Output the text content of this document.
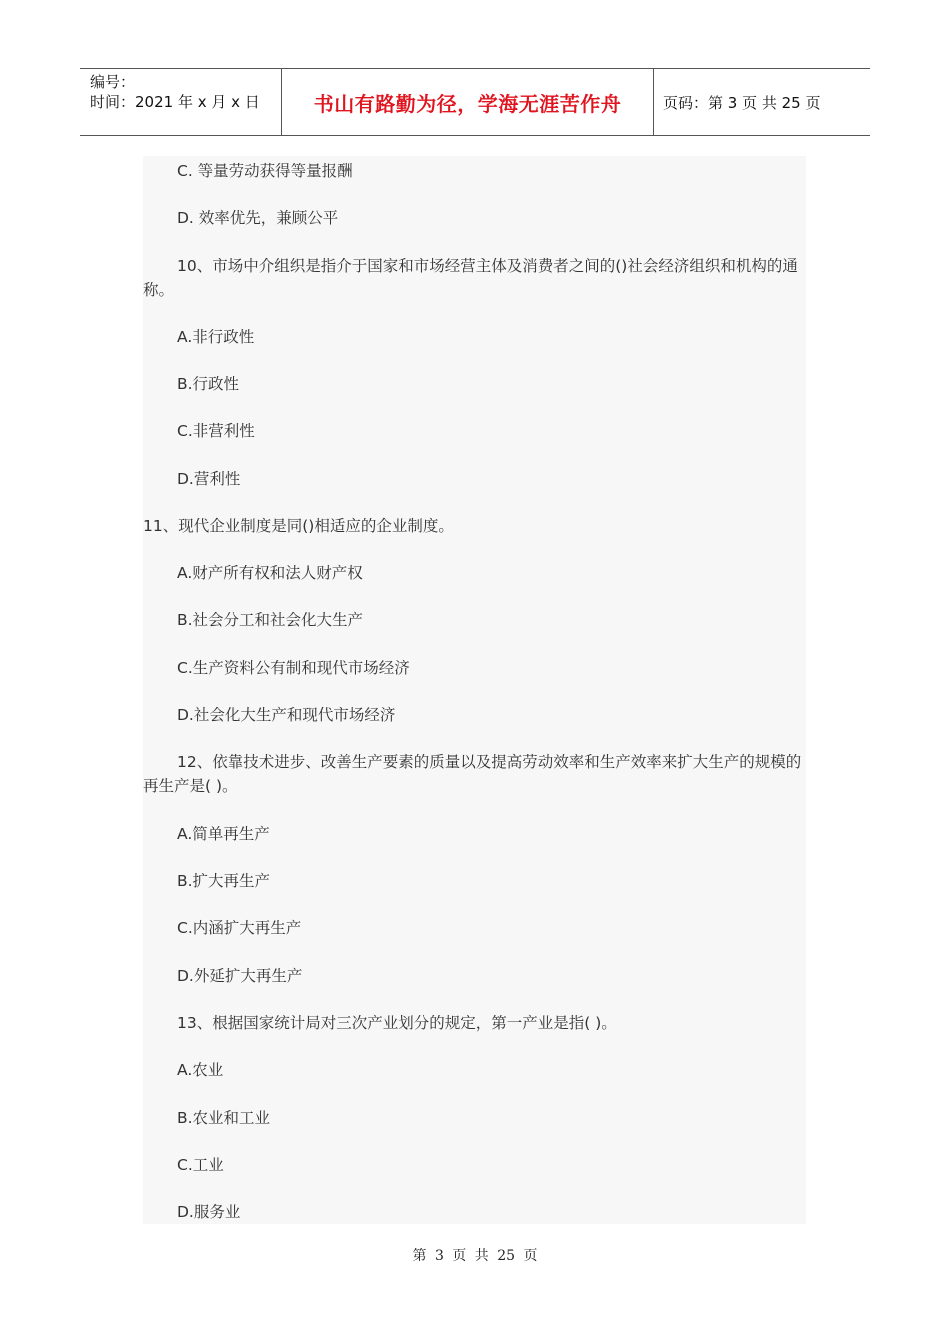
编号：
时间：2021 年 x 月 x 日	书山有路勤为径，学海无涯苦作舟	页码：第 3 页 共 25 页
C. 等量劳动获得等量报酬
D. 效率优先，兼顾公平
10、市场中介组织是指介于国家和市场经营主体及消费者之间的()社会经济组织和机构的通称。
A.非行政性
B.行政性
C.非营利性
D.营利性
11、现代企业制度是同()相适应的企业制度。
A.财产所有权和法人财产权
B.社会分工和社会化大生产
C.生产资料公有制和现代市场经济
D.社会化大生产和现代市场经济
12、依靠技术进步、改善生产要素的质量以及提高劳动效率和生产效率来扩大生产的规模的再生产是( )。
A.简单再生产
B.扩大再生产
C.内涵扩大再生产
D.外延扩大再生产
13、根据国家统计局对三次产业划分的规定，第一产业是指( )。
A.农业
B.农业和工业
C.工业
D.服务业
第 3 页 共 25 页
